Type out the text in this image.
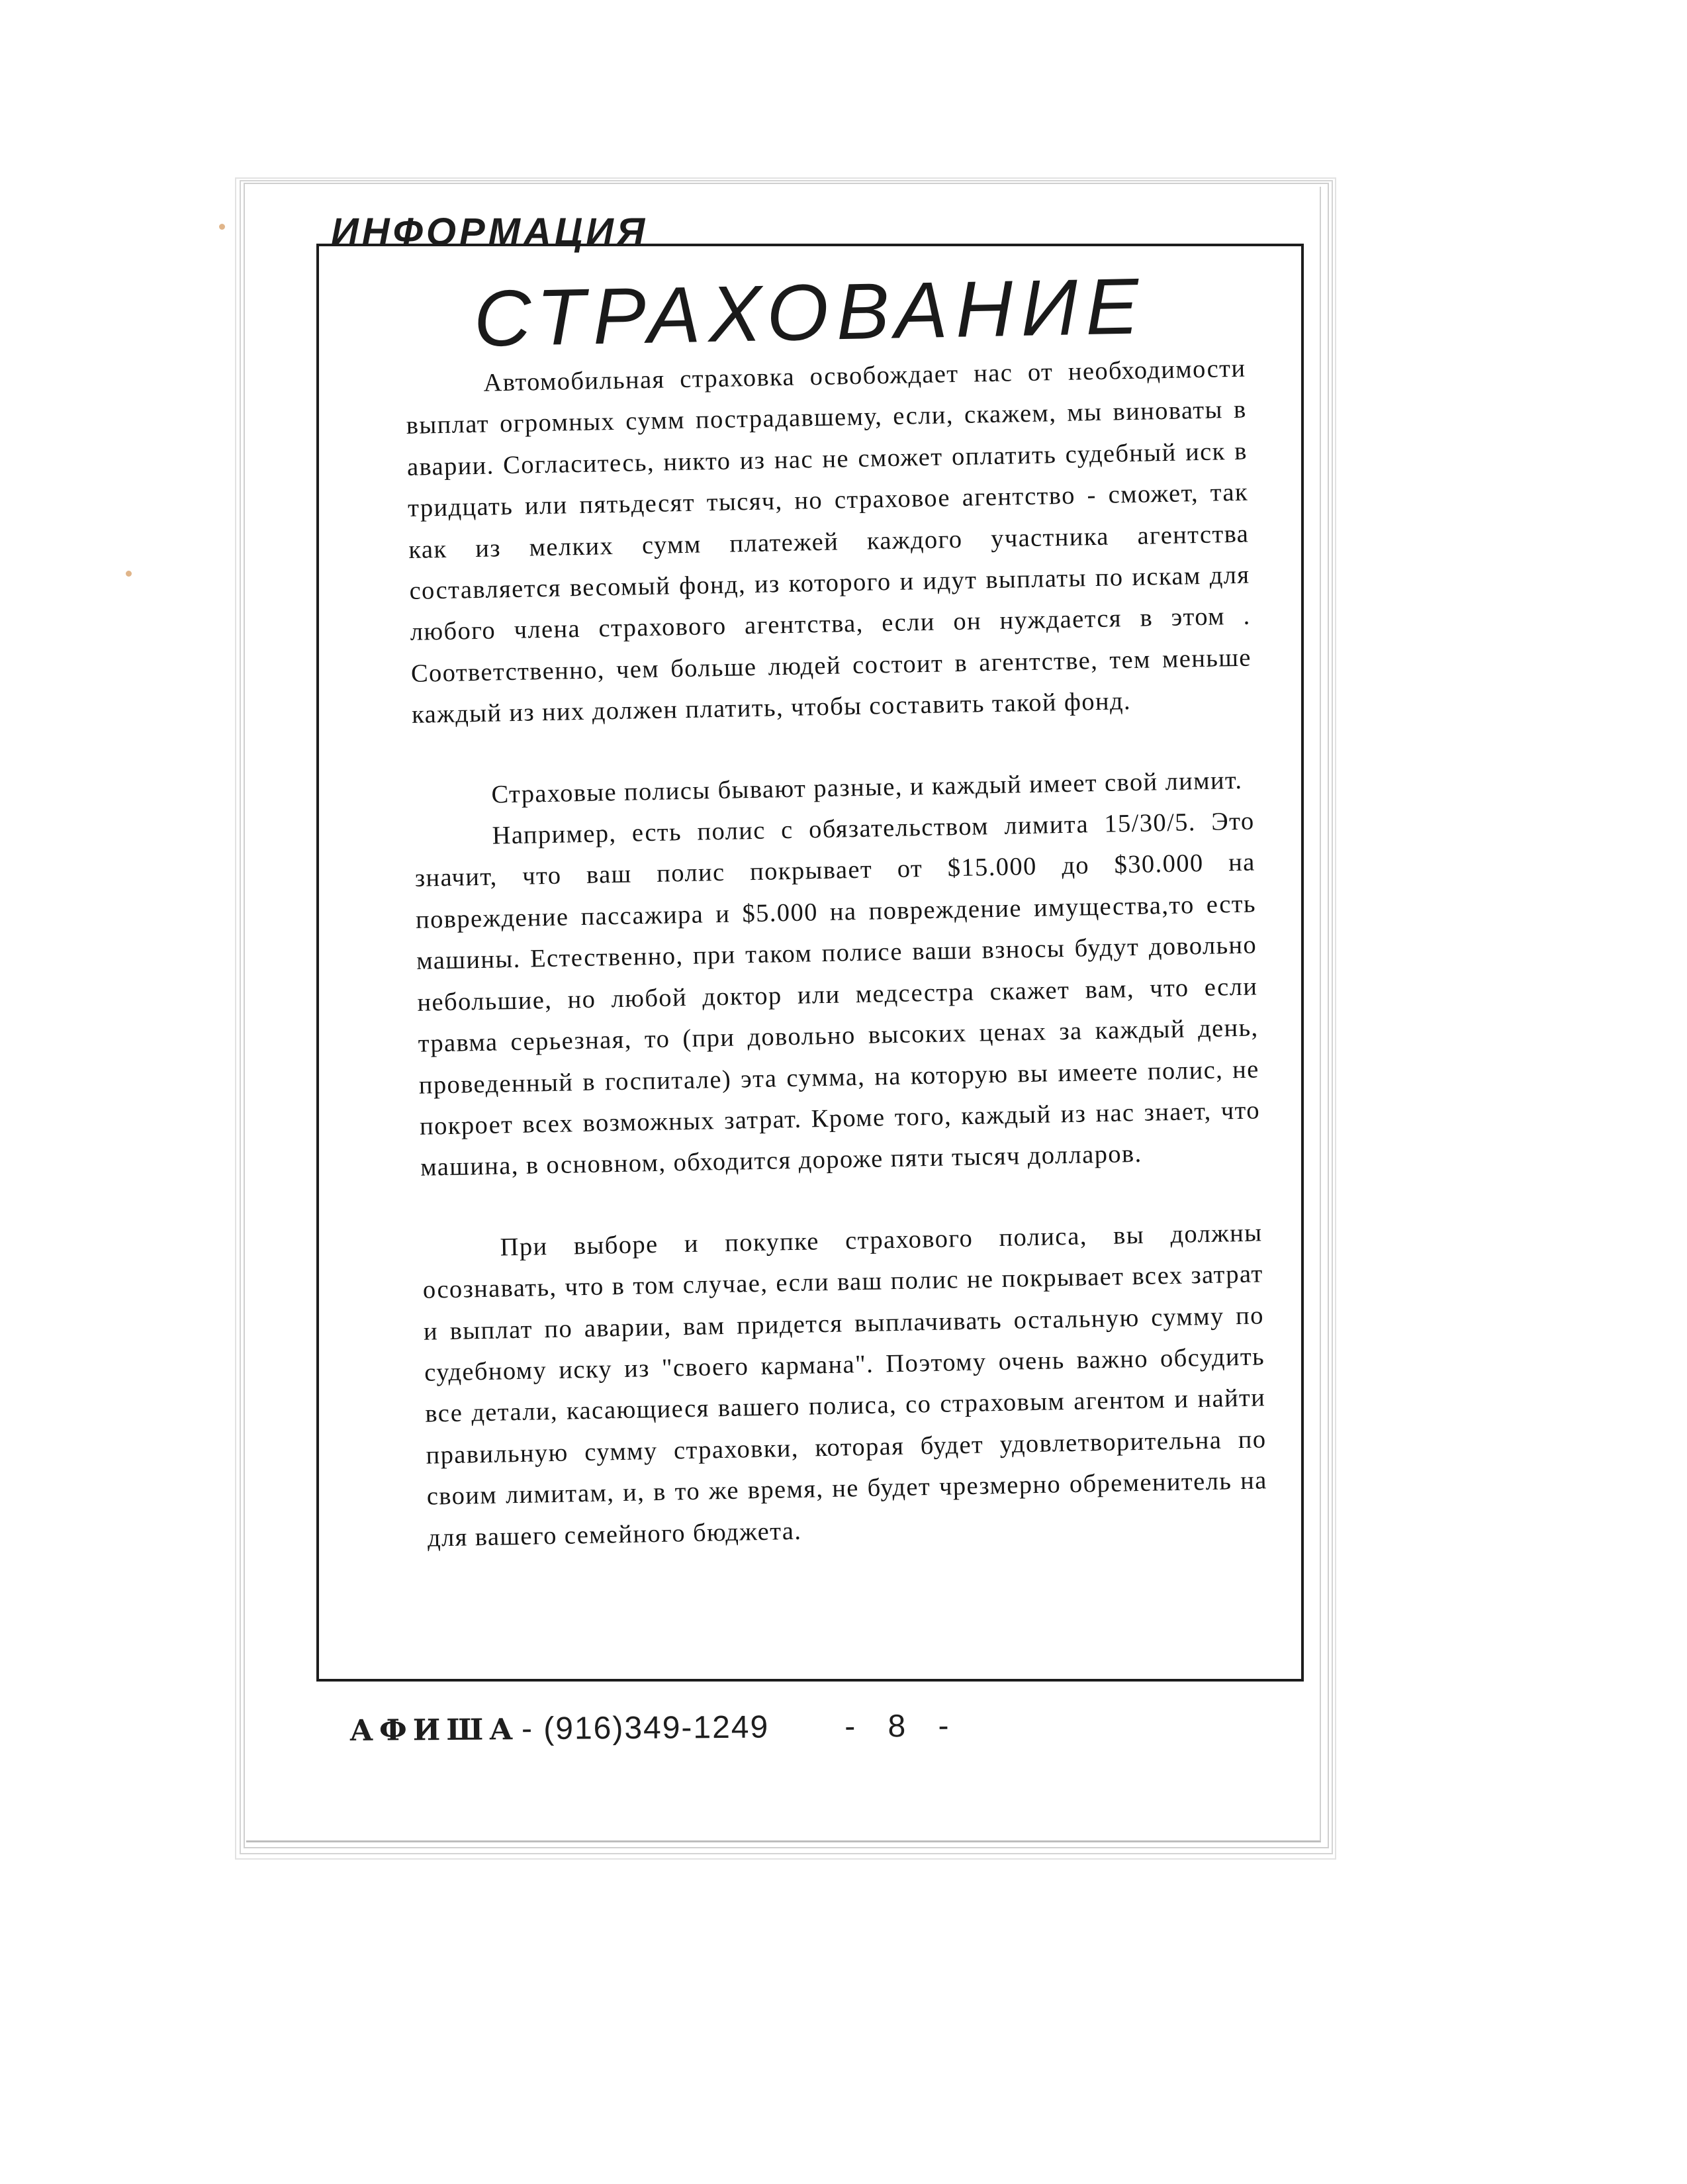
ИНФОРМАЦИЯ
СТРАХОВАНИЕ

Автомобильная страховка освобождает нас от необходимости выплат огромных сумм пострадавшему, если, скажем, мы виноваты в аварии. Согласитесь, никто из нас не сможет оплатить судебный иск в тридцать или пятьдесят тысяч, но страховое агентство - сможет, так как из мелких сумм платежей каждого участника агентства составляется весомый фонд, из которого и идут выплаты по искам для любого члена страхового агентства, если он нуждается в этом . Соответственно, чем больше людей состоит в агентстве, тем меньше каждый из них должен платить, чтобы составить такой фонд.

Страховые полисы бывают разные, и каждый имеет свой лимит.

Например, есть полис с обязательством лимита 15/30/5. Это значит, что ваш полис покрывает от $15.000 до $30.000 на повреждение пассажира и $5.000 на повреждение имущества,то есть машины. Естественно, при таком полисе ваши взносы будут довольно небольшие, но любой доктор или медсестра скажет вам, что если травма серьезная, то (при довольно высоких ценах за каждый день, проведенный в госпитале) эта сумма, на которую вы имеете полис, не покроет всех возможных затрат. Кроме того, каждый из нас знает, что машина, в основном, обходится дороже пяти тысяч долларов.

При выборе и покупке страхового полиса, вы должны осознавать, что в том случае, если ваш полис не покрывает всех затрат и выплат по аварии, вам придется выплачивать остальную сумму по судебному иску из "своего кармана". Поэтому очень важно обсудить все детали, касающиеся вашего полиса, со страховым агентом и найти правильную сумму страховки, которая будет удовлетворительна по своим лимитам, и, в то же время, не будет чрезмерно обременитель на для вашего семейного бюджета.

АФИША - (916)349-1249 - 8 -
